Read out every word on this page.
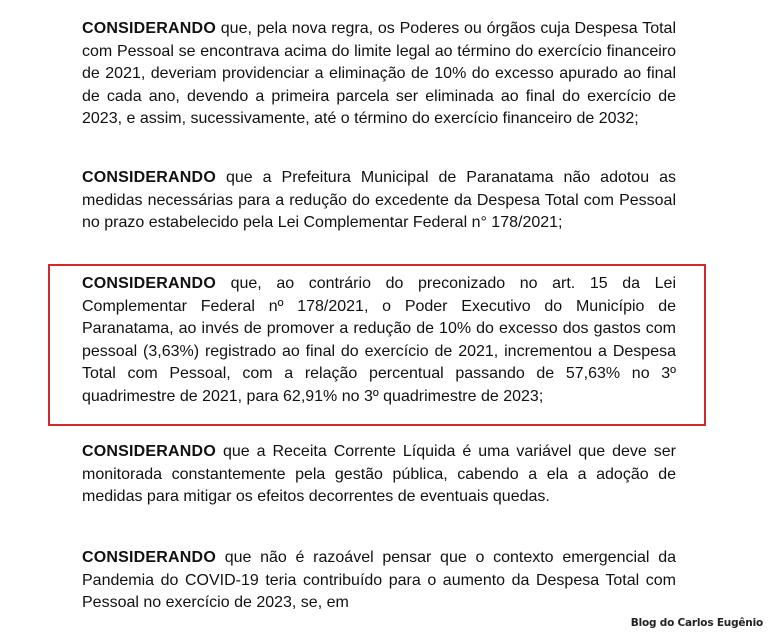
CONSIDERANDO que, pela nova regra, os Poderes ou órgãos cuja Despesa Total com Pessoal se encontrava acima do limite legal ao término do exercício financeiro de 2021, deveriam providenciar a eliminação de 10% do excesso apurado ao final de cada ano, devendo a primeira parcela ser eliminada ao final do exercício de 2023, e assim, sucessivamente, até o término do exercício financeiro de 2032;

CONSIDERANDO que a Prefeitura Municipal de Paranatama não adotou as medidas necessárias para a redução do excedente da Despesa Total com Pessoal no prazo estabelecido pela Lei Complementar Federal n° 178/2021;

CONSIDERANDO que, ao contrário do preconizado no art. 15 da Lei Complementar Federal nº 178/2021, o Poder Executivo do Município de Paranatama, ao invés de promover a redução de 10% do excesso dos gastos com pessoal (3,63%) registrado ao final do exercício de 2021, incrementou a Despesa Total com Pessoal, com a relação percentual passando de 57,63% no 3º quadrimestre de 2021, para 62,91% no 3º quadrimestre de 2023;

CONSIDERANDO que a Receita Corrente Líquida é uma variável que deve ser monitorada constantemente pela gestão pública, cabendo a ela a adoção de medidas para mitigar os efeitos decorrentes de eventuais quedas.

CONSIDERANDO que não é razoável pensar que o contexto emergencial da Pandemia do COVID-19 teria contribuído para o aumento da Despesa Total com Pessoal no exercício de 2023, se, em

Blog do Carlos Eugênio
